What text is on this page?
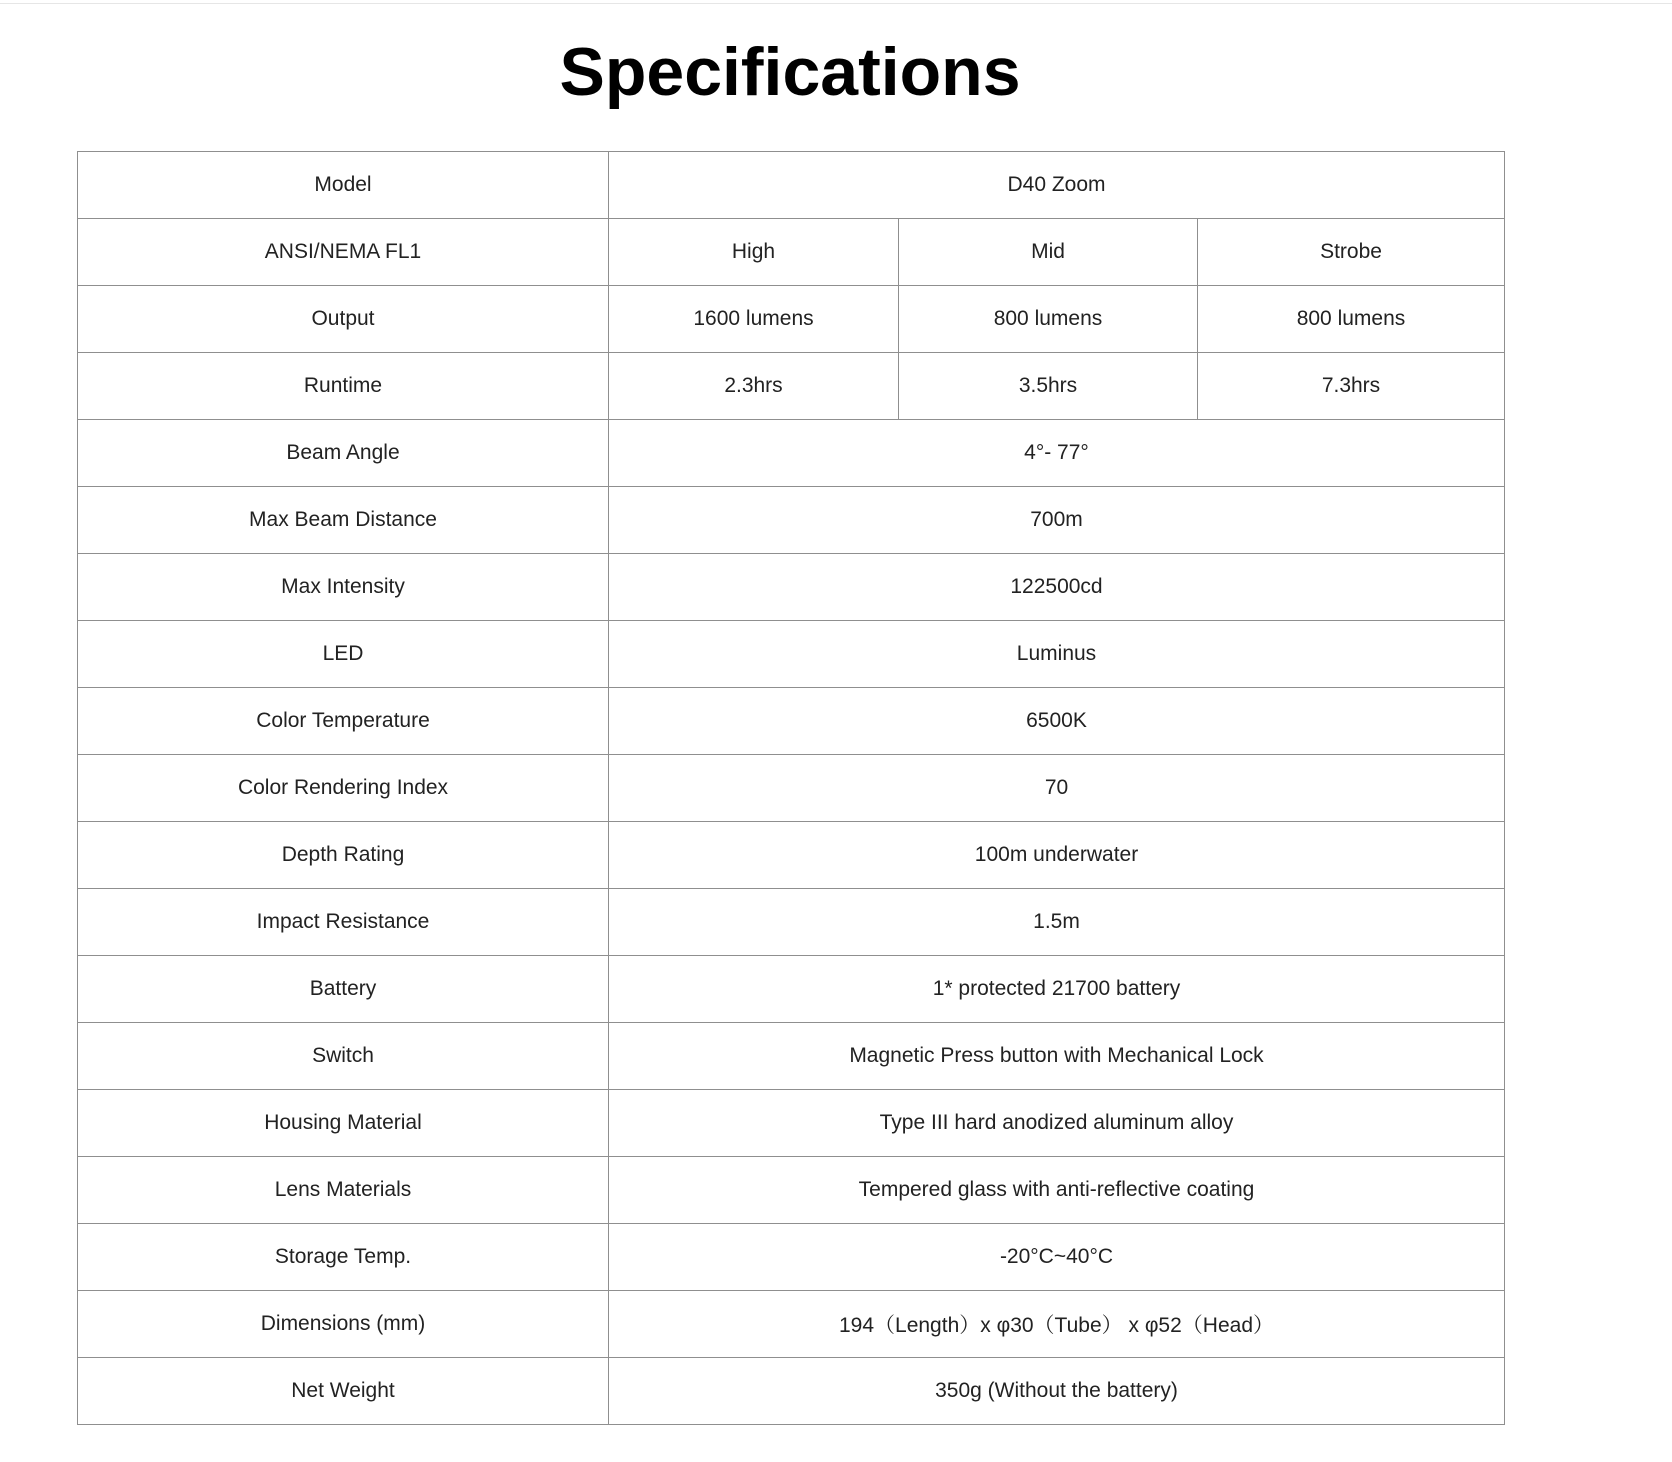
Specifications
Model	D40 Zoom		
ANSI/NEMA FL1	High	Mid	Strobe
Output	1600 lumens	800 lumens	800 lumens
Runtime	2.3hrs	3.5hrs	7.3hrs
Beam Angle	4°- 77°		
Max Beam Distance	700m		
Max Intensity	122500cd		
LED	Luminus		
Color Temperature	6500K		
Color Rendering Index	70		
Depth Rating	100m underwater		
Impact Resistance	1.5m		
Battery	1* protected 21700 battery		
Switch	Magnetic Press button with Mechanical Lock		
Housing Material	Type III hard anodized aluminum alloy		
Lens Materials	Tempered glass with anti-reflective coating		
Storage Temp.	-20°C~40°C		
Dimensions (mm)	194（Length）x φ30（Tube） x φ52（Head）		
Net Weight	350g (Without the battery)		
